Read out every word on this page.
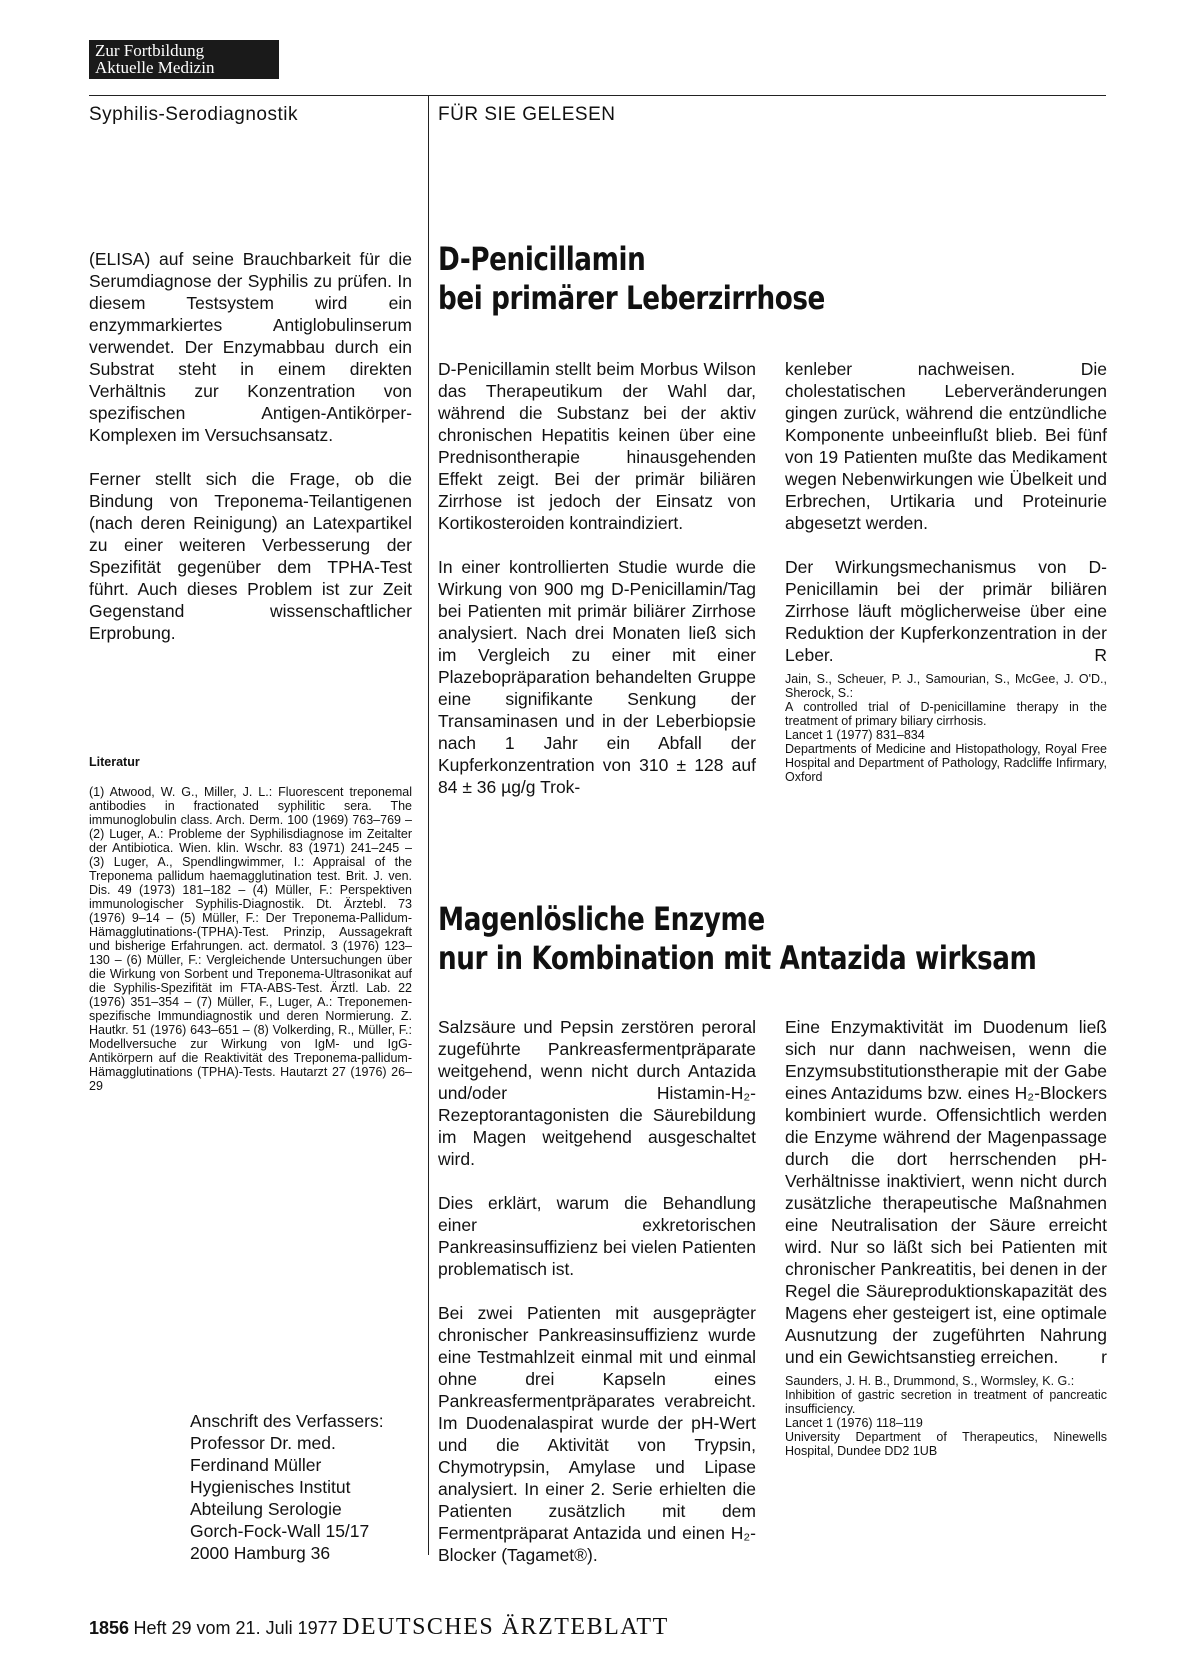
Zur Fortbildung
Aktuelle Medizin
Syphilis-Serodiagnostik	FÜR SIE GELESEN

(ELISA) auf seine Brauchbarkeit für die Serumdiagnose der Syphilis zu prüfen. In diesem Testsystem wird ein enzymmarkiertes Antiglobulinserum verwendet. Der Enzymabbau durch ein Substrat steht in einem direkten Verhältnis zur Konzentration von spezifischen Antigen-Antikörper-Komplexen im Versuchsansatz.

Ferner stellt sich die Frage, ob die Bindung von Treponema-Teilantigenen (nach deren Reinigung) an Latexpartikel zu einer weiteren Verbesserung der Spezifität gegenüber dem TPHA-Test führt. Auch dieses Problem ist zur Zeit Gegenstand wissenschaftlicher Erprobung.

Literatur

(1) Atwood, W. G., Miller, J. L.: Fluorescent treponemal antibodies in fractionated syphilitic sera. The immunoglobulin class. Arch. Derm. 100 (1969) 763–769 – (2) Luger, A.: Probleme der Syphilisdiagnose im Zeitalter der Antibiotica. Wien. klin. Wschr. 83 (1971) 241–245 – (3) Luger, A., Spendlingwimmer, I.: Appraisal of the Treponema pallidum haemagglutination test. Brit. J. ven. Dis. 49 (1973) 181–182 – (4) Müller, F.: Perspektiven immunologischer Syphilis-Diagnostik. Dt. Ärztebl. 73 (1976) 9–14 – (5) Müller, F.: Der Treponema-Pallidum-Hämagglutinations-(TPHA)-Test. Prinzip, Aussagekraft und bisherige Erfahrungen. act. dermatol. 3 (1976) 123–130 – (6) Müller, F.: Vergleichende Untersuchungen über die Wirkung von Sorbent und Treponema-Ultrasonikat auf die Syphilis-Spezifität im FTA-ABS-Test. Ärztl. Lab. 22 (1976) 351–354 – (7) Müller, F., Luger, A.: Treponemen-spezifische Immundiagnostik und deren Normierung. Z. Hautkr. 51 (1976) 643–651 – (8) Volkerding, R., Müller, F.: Modellversuche zur Wirkung von IgM- und IgG-Antikörpern auf die Reaktivität des Treponema-pallidum-Hämagglutinations (TPHA)-Tests. Hautarzt 27 (1976) 26–29

Anschrift des Verfassers:
Professor Dr. med.
Ferdinand Müller
Hygienisches Institut
Abteilung Serologie
Gorch-Fock-Wall 15/17
2000 Hamburg 36
D-Penicillamin
bei primärer Leberzirrhose

D-Penicillamin stellt beim Morbus Wilson das Therapeutikum der Wahl dar, während die Substanz bei der aktiv chronischen Hepatitis keinen über eine Prednisontherapie hinausgehenden Effekt zeigt. Bei der primär biliären Zirrhose ist jedoch der Einsatz von Kortikosteroiden kontraindiziert.

In einer kontrollierten Studie wurde die Wirkung von 900 mg D-Penicillamin/Tag bei Patienten mit primär biliärer Zirrhose analysiert. Nach drei Monaten ließ sich im Vergleich zu einer mit einer Plazebopräparation behandelten Gruppe eine signifikante Senkung der Transaminasen und in der Leberbiopsie nach 1 Jahr ein Abfall der Kupferkonzentration von 310 ± 128 auf 84 ± 36 µg/g Trok-

kenleber nachweisen. Die cholestatischen Leberveränderungen gingen zurück, während die entzündliche Komponente unbeeinflußt blieb. Bei fünf von 19 Patienten mußte das Medikament wegen Nebenwirkungen wie Übelkeit und Erbrechen, Urtikaria und Proteinurie abgesetzt werden.

Der Wirkungsmechanismus von D-Penicillamin bei der primär biliären Zirrhose läuft möglicherweise über eine Reduktion der Kupferkonzentration in der Leber.	R

Jain, S., Scheuer, P. J., Samourian, S., McGee, J. O'D., Sherock, S.:

A controlled trial of D-penicillamine therapy in the treatment of primary biliary cirrhosis.

Lancet 1 (1977) 831–834

Departments of Medicine and Histopathology, Royal Free Hospital and Department of Pathology, Radcliffe Infirmary, Oxford

Magenlösliche Enzyme
nur in Kombination mit Antazida wirksam

Salzsäure und Pepsin zerstören peroral zugeführte Pankreasfermentpräparate weitgehend, wenn nicht durch Antazida und/oder Histamin-H₂-Rezeptorantagonisten die Säurebildung im Magen weitgehend ausgeschaltet wird.

Dies erklärt, warum die Behandlung einer exkretorischen Pankreasinsuffizienz bei vielen Patienten problematisch ist.

Bei zwei Patienten mit ausgeprägter chronischer Pankreasinsuffizienz wurde eine Testmahlzeit einmal mit und einmal ohne drei Kapseln eines Pankreasfermentpräparates verabreicht. Im Duodenalaspirat wurde der pH-Wert und die Aktivität von Trypsin, Chymotrypsin, Amylase und Lipase analysiert. In einer 2. Serie erhielten die Patienten zusätzlich mit dem Fermentpräparat Antazida und einen H₂-Blocker (Tagamet®).

Eine Enzymaktivität im Duodenum ließ sich nur dann nachweisen, wenn die Enzymsubstitutionstherapie mit der Gabe eines Antazidums bzw. eines H₂-Blockers kombiniert wurde. Offensichtlich werden die Enzyme während der Magenpassage durch die dort herrschenden pH-Verhältnisse inaktiviert, wenn nicht durch zusätzliche therapeutische Maßnahmen eine Neutralisation der Säure erreicht wird. Nur so läßt sich bei Patienten mit chronischer Pankreatitis, bei denen in der Regel die Säureproduktionskapazität des Magens eher gesteigert ist, eine optimale Ausnutzung der zugeführten Nahrung und ein Gewichtsanstieg erreichen. r

Saunders, J. H. B., Drummond, S., Wormsley, K. G.:

Inhibition of gastric secretion in treatment of pancreatic insufficiency.

Lancet 1 (1976) 118–119

University Department of Therapeutics, Ninewells Hospital, Dundee DD2 1UB

1856 Heft 29 vom 21. Juli 1977 DEUTSCHES ÄRZTEBLATT
